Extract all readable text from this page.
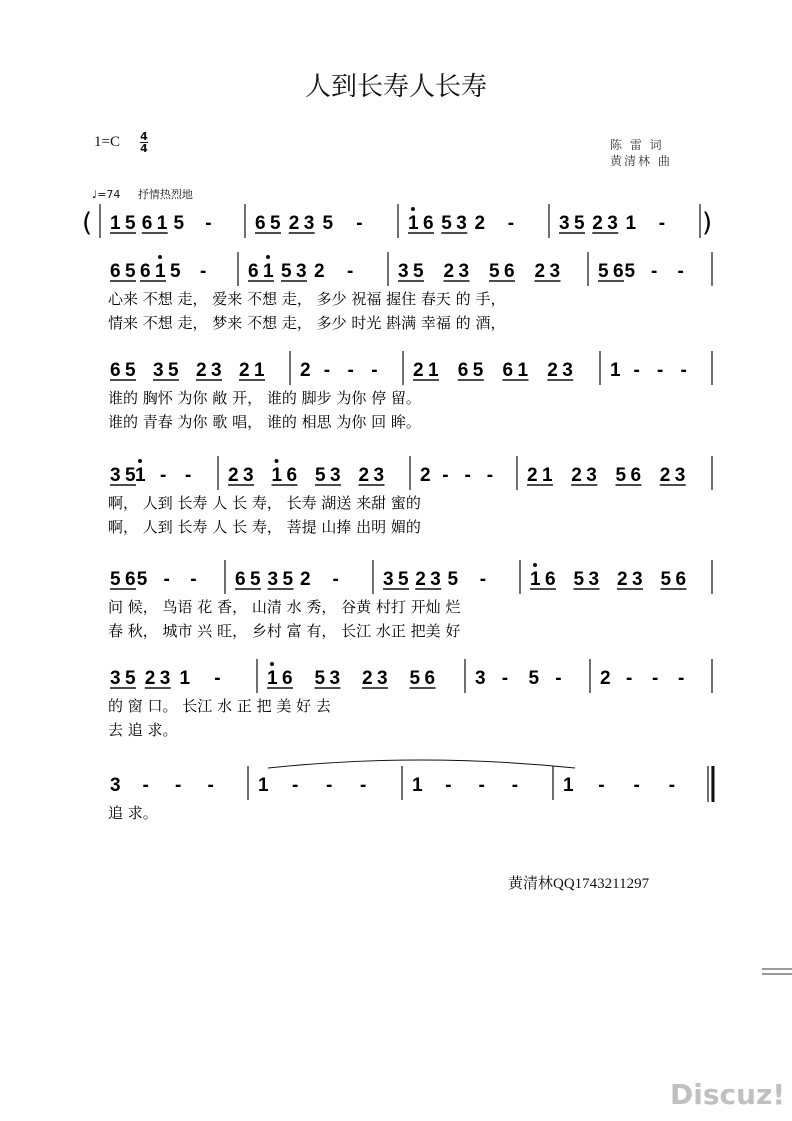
人到长寿人长寿
1=C 4
4	陈 雷 词
黄清林 曲
♩=74 抒情热烈地
1 5 6 1 5 - 6 5 2 3 5 - 1 6 5 3 2 - 3 5 2 3 1 -
6 5 6 1 5 - 6 1 5 3 2 - 3 5 2 3 5 6 2 3 5 6 5 - -
心来 不想 走， 爱来 不想 走， 多少 祝福 握住 春天 的 手，
情来 不想 走， 梦来 不想 走， 多少 时光 斟满 幸福 的 酒，
6 5 3 5 2 3 2 1 2 - - - 2 1 6 5 6 1 2 3 1 - - -
谁的 胸怀 为你 敞 开， 谁的 脚步 为你 停 留。
谁的 青春 为你 歌 唱， 谁的 相思 为你 回 眸。
3 5 1 - - 2 3 1 6 5 3 2 3 2 - - - 2 1 2 3 5 6 2 3
啊， 人到 长寿 人 长 寿， 长寿 湖送 来甜 蜜的
啊， 人到 长寿 人 长 寿， 菩提 山捧 出明 媚的
5 6 5 - - 6 5 3 5 2 - 3 5 2 3 5 - 1 6 5 3 2 3 5 6
问 候， 鸟语 花 香， 山清 水 秀， 谷黄 村打 开灿 烂
春 秋， 城市 兴 旺， 乡村 富 有， 长江 水正 把美 好
3 5 2 3 1 - 1 6 5 3 2 3 5 6 3 - 5 - 2 - - -
的 窗 口。 长江 水 正 把 美 好 去
去 追 求。
3 - - - 1 - - - 1 - - - 1 - - -
追 求。
(	)
黄清林QQ1743211297
Discuz!
